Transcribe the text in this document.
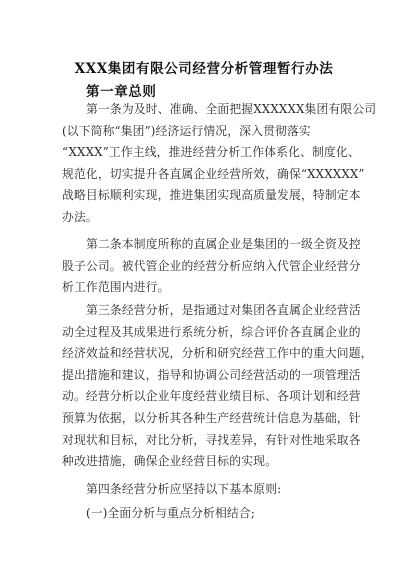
XXX集团有限公司经营分析管理暂行办法
第一章总则
第一条为及时、准确、全面把握XXXXXX集团有限公司
(以下简称“集团”)经济运行情况，深入贯彻落实
“XXXX”工作主线，推进经营分析工作体系化、制度化、
规范化，切实提升各直属企业经营所效，确保“XXXXXX”
战略目标顺利实现，推进集团实现高质量发展，特制定本
办法。
第二条本制度所称的直属企业是集团的一级全资及控
股子公司。被代管企业的经营分析应纳入代管企业经营分
析工作范围内进行。
第三条经营分析，是指通过对集团各直属企业经营活
动全过程及其成果进行系统分析，综合评价各直属企业的
经济效益和经营状况，分析和研究经营工作中的重大问题，
提出措施和建议，指导和协调公司经营活动的一项管理活
动。经营分析以企业年度经营业绩目标、各项计划和经营
预算为依据，以分析其各种生产经营统计信息为基础，针
对现状和目标，对比分析，寻找差异，有针对性地采取各
种改进措施，确保企业经营目标的实现。
第四条经营分析应坚持以下基本原则:
(一)全面分析与重点分析相结合;
